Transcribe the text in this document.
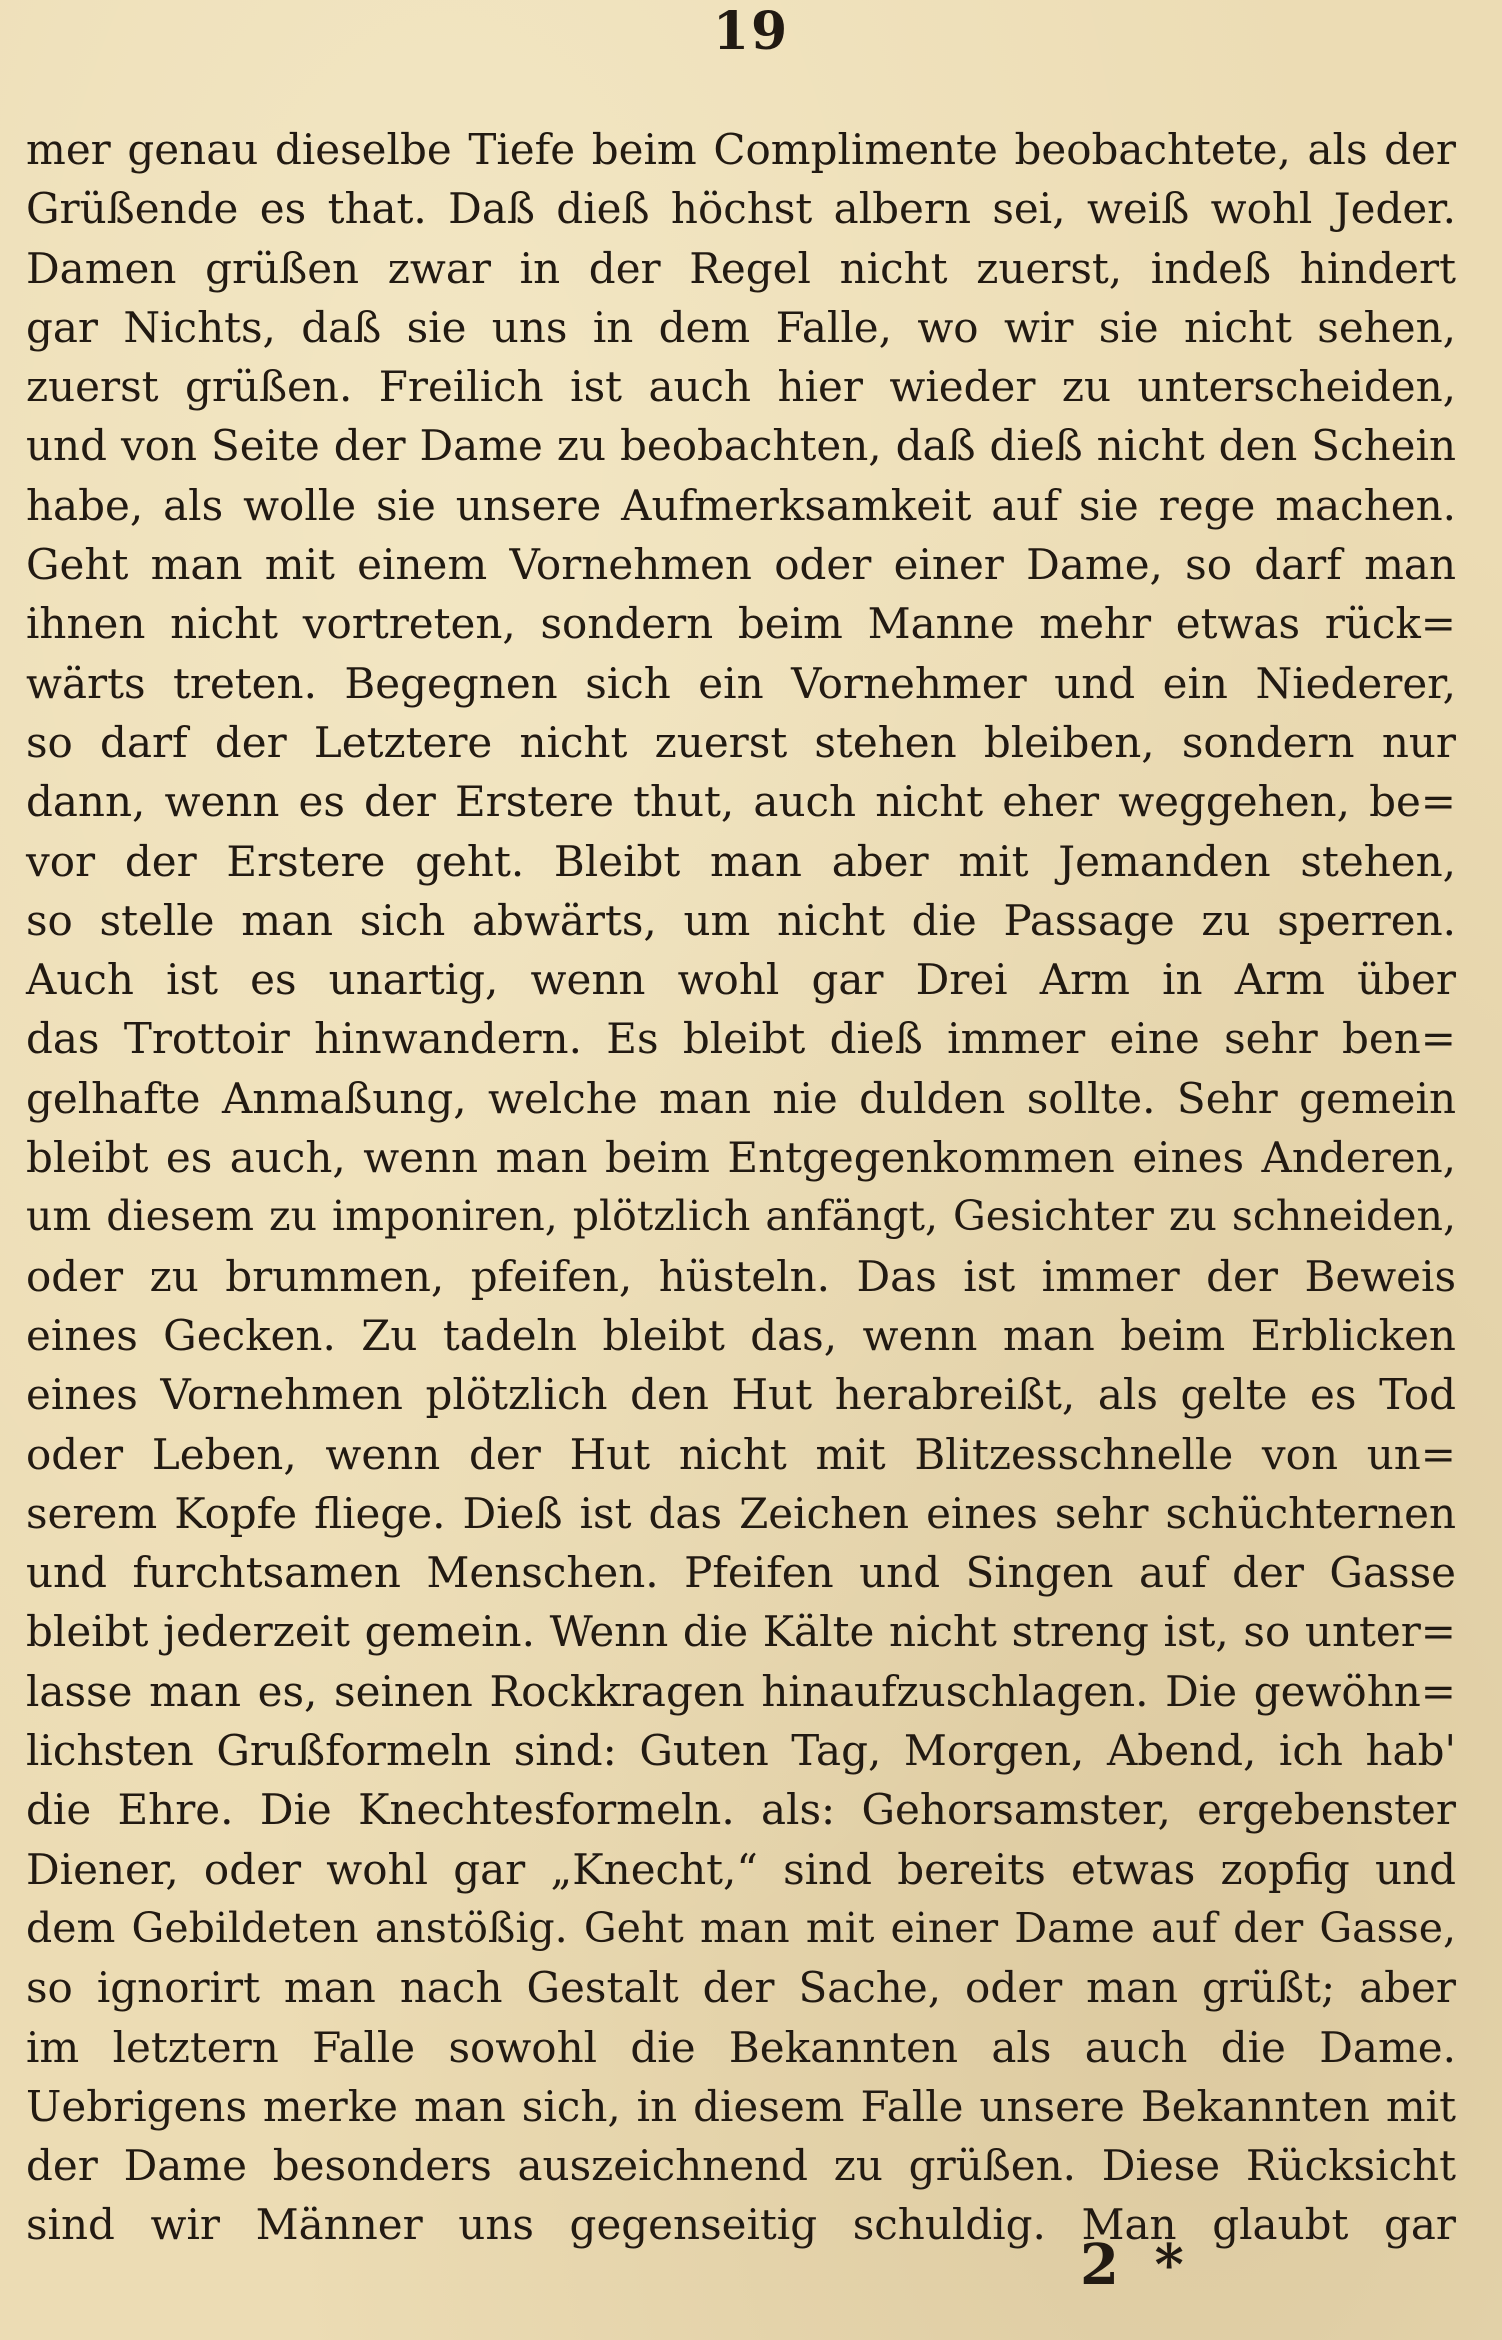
19
mer genau dieselbe Tiefe beim Complimente beobachtete, als der
Grüßende es that. Daß dieß höchst albern sei, weiß wohl Jeder.
Damen grüßen zwar in der Regel nicht zuerst, indeß hindert
gar Nichts, daß sie uns in dem Falle, wo wir sie nicht sehen,
zuerst grüßen. Freilich ist auch hier wieder zu unterscheiden,
und von Seite der Dame zu beobachten, daß dieß nicht den Schein
habe, als wolle sie unsere Aufmerksamkeit auf sie rege machen.
Geht man mit einem Vornehmen oder einer Dame, so darf man
ihnen nicht vortreten, sondern beim Manne mehr etwas rück=
wärts treten. Begegnen sich ein Vornehmer und ein Niederer,
so darf der Letztere nicht zuerst stehen bleiben, sondern nur
dann, wenn es der Erstere thut, auch nicht eher weggehen, be=
vor der Erstere geht. Bleibt man aber mit Jemanden stehen,
so stelle man sich abwärts, um nicht die Passage zu sperren.
Auch ist es unartig, wenn wohl gar Drei Arm in Arm über
das Trottoir hinwandern. Es bleibt dieß immer eine sehr ben=
gelhafte Anmaßung, welche man nie dulden sollte. Sehr gemein
bleibt es auch, wenn man beim Entgegenkommen eines Anderen,
um diesem zu imponiren, plötzlich anfängt, Gesichter zu schneiden,
oder zu brummen, pfeifen, hüsteln. Das ist immer der Beweis
eines Gecken. Zu tadeln bleibt das, wenn man beim Erblicken
eines Vornehmen plötzlich den Hut herabreißt, als gelte es Tod
oder Leben, wenn der Hut nicht mit Blitzesschnelle von un=
serem Kopfe fliege. Dieß ist das Zeichen eines sehr schüchternen
und furchtsamen Menschen. Pfeifen und Singen auf der Gasse
bleibt jederzeit gemein. Wenn die Kälte nicht streng ist, so unter=
lasse man es, seinen Rockkragen hinaufzuschlagen. Die gewöhn=
lichsten Grußformeln sind: Guten Tag, Morgen, Abend, ich hab'
die Ehre. Die Knechtesformeln. als: Gehorsamster, ergebenster
Diener, oder wohl gar „Knecht,“ sind bereits etwas zopfig und
dem Gebildeten anstößig. Geht man mit einer Dame auf der Gasse,
so ignorirt man nach Gestalt der Sache, oder man grüßt; aber
im letztern Falle sowohl die Bekannten als auch die Dame.
Uebrigens merke man sich, in diesem Falle unsere Bekannten mit
der Dame besonders auszeichnend zu grüßen. Diese Rücksicht
sind wir Männer uns gegenseitig schuldig. Man glaubt gar
2 *
